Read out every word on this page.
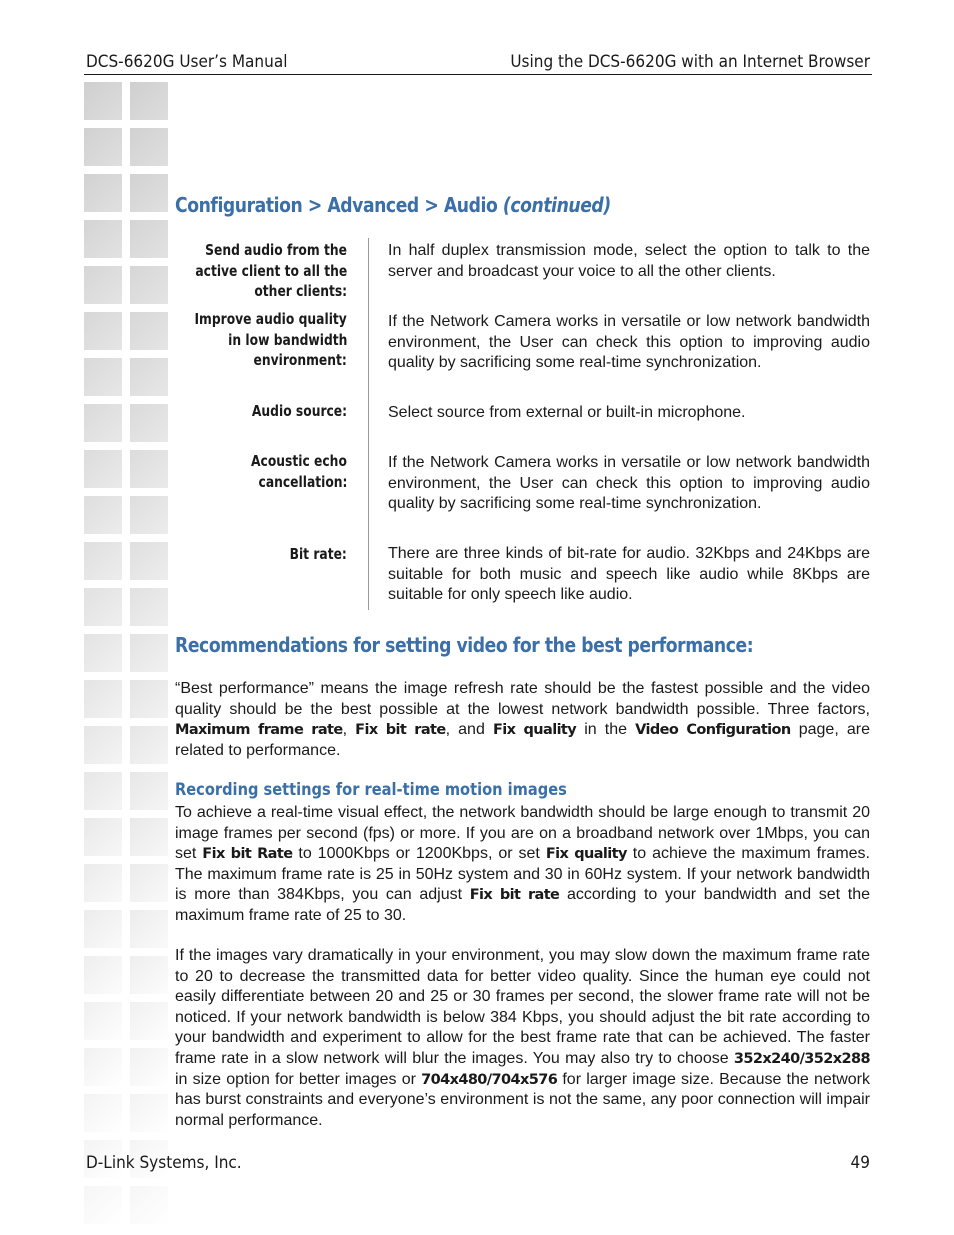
DCS-6620G User’s Manual	Using the DCS-6620G with an Internet Browser
Configuration > Advanced > Audio (continued)
Send audio from the
active client to all the
other clients:
In half duplex transmission mode, select the option to talk to the server and broadcast your voice to all the other clients.
Improve audio quality
in low bandwidth
environment:
If the Network Camera works in versatile or low network bandwidth environment, the User can check this option to improving audio quality by sacrificing some real-time synchronization.
Audio source:	Select source from external or built-in microphone.
Acoustic echo
cancellation:
If the Network Camera works in versatile or low network bandwidth environment, the User can check this option to improving audio quality by sacrificing some real-time synchronization.
Bit rate:	There are three kinds of bit-rate for audio. 32Kbps and 24Kbps are suitable for both music and speech like audio while 8Kbps are suitable for only speech like audio.
Recommendations for setting video for the best performance:
“Best performance” means the image refresh rate should be the fastest possible and the video quality should be the best possible at the lowest network bandwidth possible. Three factors, Maximum frame rate, Fix bit rate, and Fix quality in the Video Configuration page, are related to performance.
Recording settings for real-time motion images
To achieve a real-time visual effect, the network bandwidth should be large enough to transmit 20 image frames per second (fps) or more. If you are on a broadband network over 1Mbps, you can set Fix bit Rate to 1000Kbps or 1200Kbps, or set Fix quality to achieve the maximum frames. The maximum frame rate is 25 in 50Hz system and 30 in 60Hz system. If your network bandwidth is more than 384Kbps, you can adjust Fix bit rate according to your bandwidth and set the maximum frame rate of 25 to 30.
If the images vary dramatically in your environment, you may slow down the maximum frame rate to 20 to decrease the transmitted data for better video quality. Since the human eye could not easily differentiate between 20 and 25 or 30 frames per second, the slower frame rate will not be noticed. If your network bandwidth is below 384 Kbps, you should adjust the bit rate according to your bandwidth and experiment to allow for the best frame rate that can be achieved. The faster frame rate in a slow network will blur the images. You may also try to choose 352x240/352x288 in size option for better images or 704x480/704x576 for larger image size. Because the network has burst constraints and everyone’s environment is not the same, any poor connection will impair normal performance.
D-Link Systems, Inc.	49
